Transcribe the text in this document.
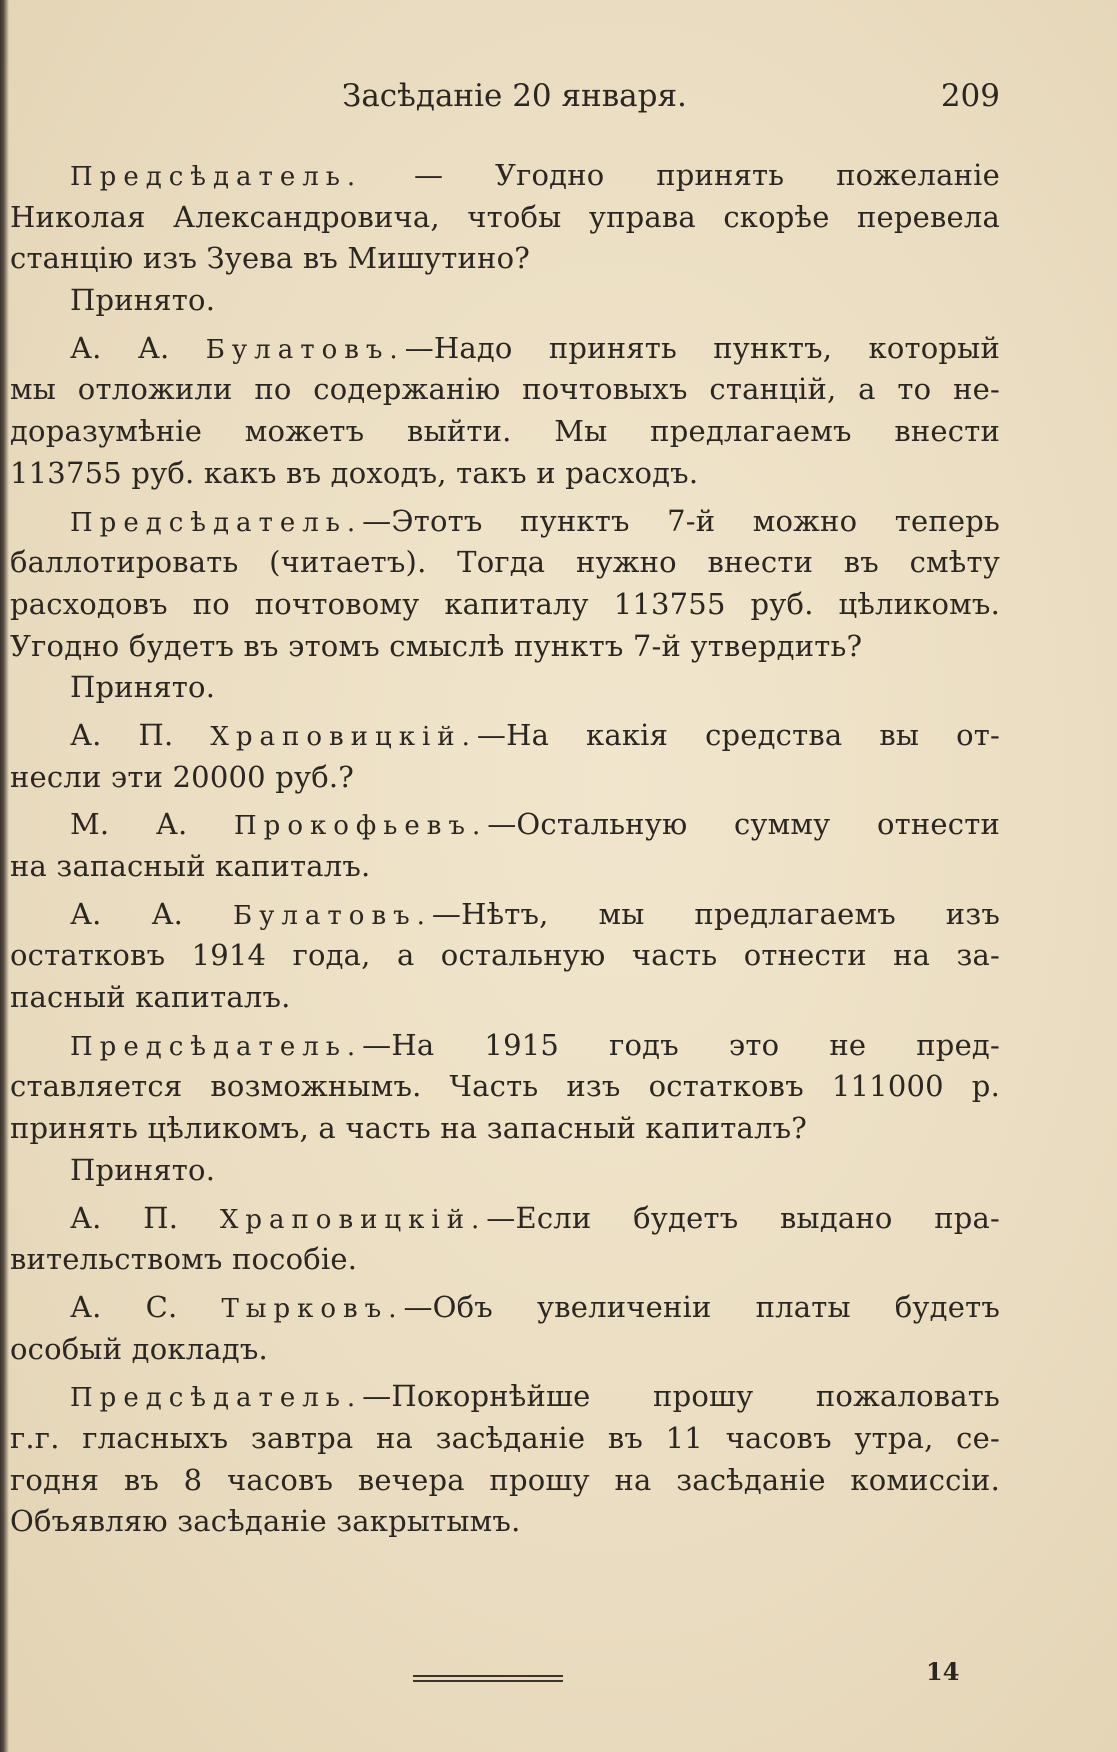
Засѣданіе 20 января.	209
Предсѣдатель. — Угодно принять пожеланіе
Николая Александровича, чтобы управа скорѣе перевела
станцію изъ Зуева въ Мишутино?
Принято.
А. А. Булатовъ.—Надо принять пунктъ, который
мы отложили по содержанію почтовыхъ станцій, а то не-
доразумѣніе можетъ выйти. Мы предлагаемъ внести
113755 руб. какъ въ доходъ, такъ и расходъ.
Предсѣдатель.—Этотъ пунктъ 7-й можно теперь
баллотировать (читаетъ). Тогда нужно внести въ смѣту
расходовъ по почтовому капиталу 113755 руб. цѣликомъ.
Угодно будетъ въ этомъ смыслѣ пунктъ 7-й утвердить?
Принято.
А. П. Храповицкій.—На какія средства вы от-
несли эти 20000 руб.?
М. А. Прокофьевъ.—Остальную сумму отнести
на запасный капиталъ.
А. А. Булатовъ.—Нѣтъ, мы предлагаемъ изъ
остатковъ 1914 года, а остальную часть отнести на за-
пасный капиталъ.
Предсѣдатель.—На 1915 годъ это не пред-
ставляется возможнымъ. Часть изъ остатковъ 111000 р.
принять цѣликомъ, а часть на запасный капиталъ?
Принято.
А. П. Храповицкій.—Если будетъ выдано пра-
вительствомъ пособіе.
А. С. Тырковъ.—Объ увеличеніи платы будетъ
особый докладъ.
Предсѣдатель.—Покорнѣйше прошу пожаловать
г.г. гласныхъ завтра на засѣданіе въ 11 часовъ утра, се-
годня въ 8 часовъ вечера прошу на засѣданіе комиссіи.
Объявляю засѣданіе закрытымъ.
14
